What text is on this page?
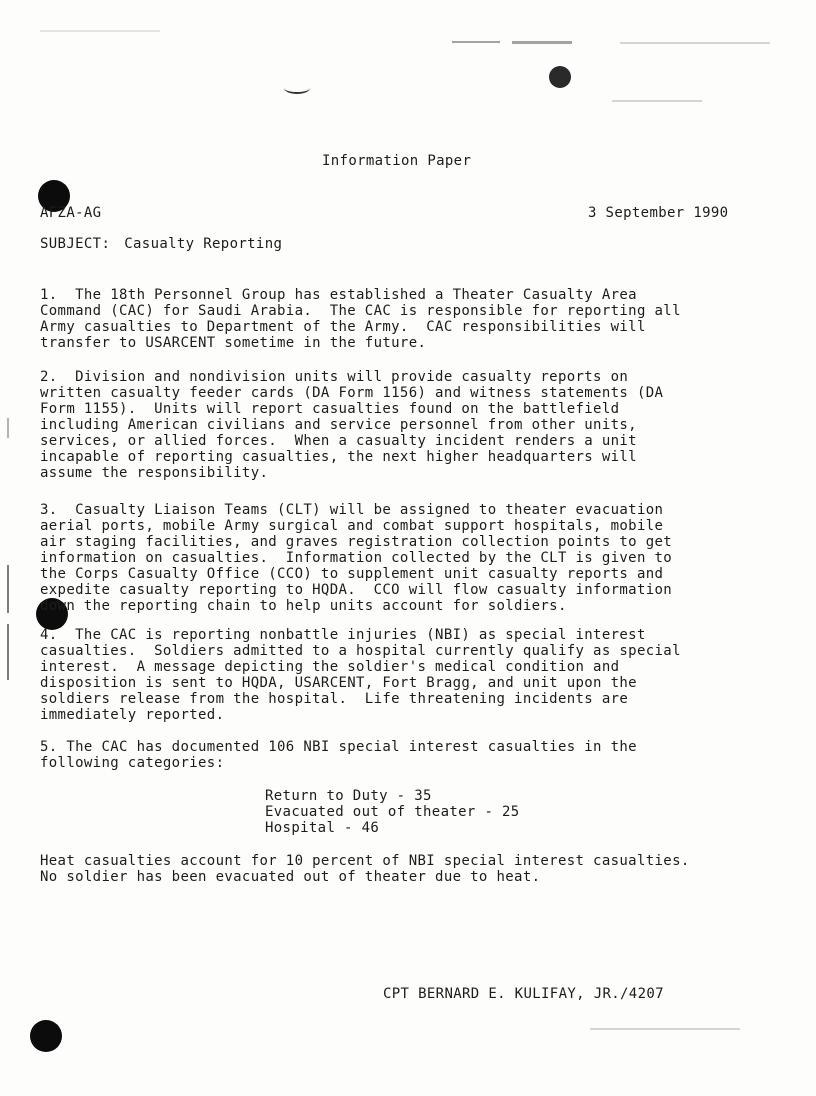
Information Paper
AFZA-AG	3 September 1990
SUBJECT: Casualty Reporting
1.  The 18th Personnel Group has established a Theater Casualty Area
Command (CAC) for Saudi Arabia.  The CAC is responsible for reporting all
Army casualties to Department of the Army.  CAC responsibilities will
transfer to USARCENT sometime in the future.
2.  Division and nondivision units will provide casualty reports on
written casualty feeder cards (DA Form 1156) and witness statements (DA
Form 1155).  Units will report casualties found on the battlefield
including American civilians and service personnel from other units,
services, or allied forces.  When a casualty incident renders a unit
incapable of reporting casualties, the next higher headquarters will
assume the responsibility.
3.  Casualty Liaison Teams (CLT) will be assigned to theater evacuation
aerial ports, mobile Army surgical and combat support hospitals, mobile
air staging facilities, and graves registration collection points to get
information on casualties.  Information collected by the CLT is given to
the Corps Casualty Office (CCO) to supplement unit casualty reports and
expedite casualty reporting to HQDA.  CCO will flow casualty information
down the reporting chain to help units account for soldiers.
4.  The CAC is reporting nonbattle injuries (NBI) as special interest
casualties.  Soldiers admitted to a hospital currently qualify as special
interest.  A message depicting the soldier's medical condition and
disposition is sent to HQDA, USARCENT, Fort Bragg, and unit upon the
soldiers release from the hospital.  Life threatening incidents are
immediately reported.
5. The CAC has documented 106 NBI special interest casualties in the
following categories:
Return to Duty - 35
Evacuated out of theater - 25
Hospital - 46
Heat casualties account for 10 percent of NBI special interest casualties.
No soldier has been evacuated out of theater due to heat.
CPT BERNARD E. KULIFAY, JR./4207
